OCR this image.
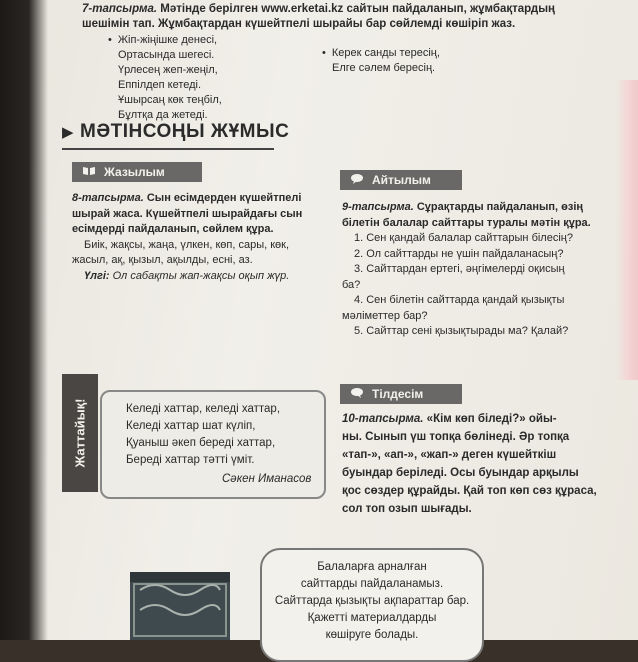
7-тапсырма. Мәтінде берілген www.erketai.kz сайтын пайдаланып, жұмбақтардың
шешімін тап. Жұмбақтардан күшейтпелі шырайы бар сөйлемді көшіріп жаз.
• Жіп-жіңішке денесі,
Ортасында шегесі.
Үрлесең жеп-жеңіл,
Еппілдеп кетеді.
Ұшырсаң көк теңбіл,
Бұлтқа да жетеді.
• Керек санды тересің,
Елге сәлем бересің.
▶ МӘТІНСОҢЫ ЖҰМЫС
Жазылым
Айтылым
8-тапсырма. Сын есімдерден күшейтпелі
шырай жаса. Күшейтпелі шырайдағы сын
есімдерді пайдаланып, сөйлем құра.
Биік, жақсы, жаңа, үлкен, көп, сары, көк,
жасыл, ақ, қызыл, ақылды, есні, аз.
Үлгі: Ол сабақты жап-жақсы оқып жүр.
9-тапсырма. Сұрақтарды пайдаланып, өзің
білетін балалар сайттары туралы мәтін құра.
1. Сен қандай балалар сайттарын білесің?
2. Ол сайттарды не үшін пайдаланасың?
3. Сайттардан ертегі, әңгімелерді оқисың
ба?
4. Сен білетін сайттарда қандай қызықты
мәліметтер бар?
5. Сайттар сені қызықтырады ма? Қалай?
Жаттайық!	Келеді хаттар, келеді хаттар,
Келеді хаттар шат күліп,
Қуаныш әкеп береді хаттар,
Береді хаттар тәтті үміт.
Сәкен Иманасов
Тілдесім
10-тапсырма. «Кім көп біледі?» ойы-
ны. Сынып үш топқа бөлінеді. Әр топқа
«тап-», «ап-», «жап-» деген күшейткіш
буындар беріледі. Осы буындар арқылы
қос сөздер құрайды. Қай топ көп сөз құраса,
сол топ озып шығады.
Балаларға арналған
сайттарды пайдаланамыз.
Сайттарда қызықты ақпараттар бар.
Қажетті материалдарды
көшіруге болады.
